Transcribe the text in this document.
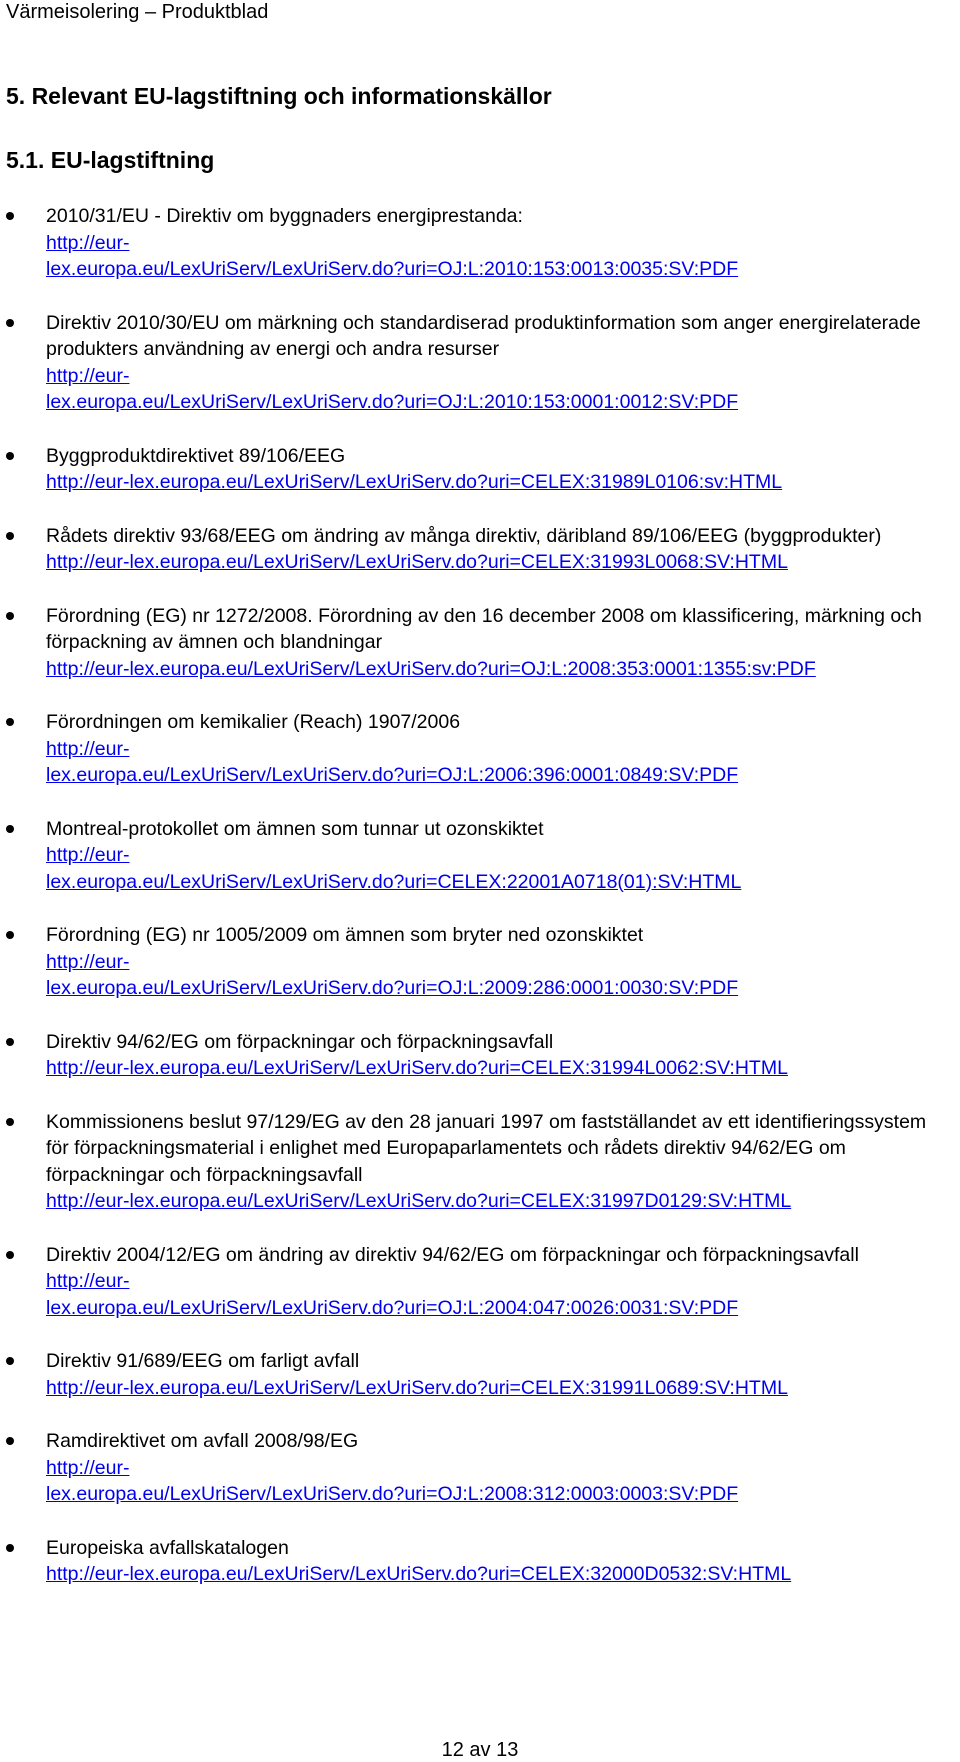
Värmeisolering – Produktblad
5. Relevant EU-lagstiftning och informationskällor
5.1. EU-lagstiftning
2010/31/EU - Direktiv om byggnaders energiprestanda:
http://eur-
lex.europa.eu/LexUriServ/LexUriServ.do?uri=OJ:L:2010:153:0013:0035:SV:PDF
Direktiv 2010/30/EU om märkning och standardiserad produktinformation som anger energirelaterade produkters användning av energi och andra resurser
http://eur-
lex.europa.eu/LexUriServ/LexUriServ.do?uri=OJ:L:2010:153:0001:0012:SV:PDF
Byggproduktdirektivet 89/106/EEG
http://eur-lex.europa.eu/LexUriServ/LexUriServ.do?uri=CELEX:31989L0106:sv:HTML
Rådets direktiv 93/68/EEG om ändring av många direktiv, däribland 89/106/EEG (byggprodukter)
http://eur-lex.europa.eu/LexUriServ/LexUriServ.do?uri=CELEX:31993L0068:SV:HTML
Förordning (EG) nr 1272/2008. Förordning av den 16 december 2008 om klassificering, märkning och förpackning av ämnen och blandningar
http://eur-lex.europa.eu/LexUriServ/LexUriServ.do?uri=OJ:L:2008:353:0001:1355:sv:PDF
Förordningen om kemikalier (Reach) 1907/2006
http://eur-
lex.europa.eu/LexUriServ/LexUriServ.do?uri=OJ:L:2006:396:0001:0849:SV:PDF
Montreal-protokollet om ämnen som tunnar ut ozonskiktet
http://eur-
lex.europa.eu/LexUriServ/LexUriServ.do?uri=CELEX:22001A0718(01):SV:HTML
Förordning (EG) nr 1005/2009 om ämnen som bryter ned ozonskiktet
http://eur-
lex.europa.eu/LexUriServ/LexUriServ.do?uri=OJ:L:2009:286:0001:0030:SV:PDF
Direktiv 94/62/EG om förpackningar och förpackningsavfall
http://eur-lex.europa.eu/LexUriServ/LexUriServ.do?uri=CELEX:31994L0062:SV:HTML
Kommissionens beslut 97/129/EG av den 28 januari 1997 om fastställandet av ett identifieringssystem för förpackningsmaterial i enlighet med Europaparlamentets och rådets direktiv 94/62/EG om förpackningar och förpackningsavfall
http://eur-lex.europa.eu/LexUriServ/LexUriServ.do?uri=CELEX:31997D0129:SV:HTML
Direktiv 2004/12/EG om ändring av direktiv 94/62/EG om förpackningar och förpackningsavfall
http://eur-
lex.europa.eu/LexUriServ/LexUriServ.do?uri=OJ:L:2004:047:0026:0031:SV:PDF
Direktiv 91/689/EEG om farligt avfall
http://eur-lex.europa.eu/LexUriServ/LexUriServ.do?uri=CELEX:31991L0689:SV:HTML
Ramdirektivet om avfall 2008/98/EG
http://eur-
lex.europa.eu/LexUriServ/LexUriServ.do?uri=OJ:L:2008:312:0003:0003:SV:PDF
Europeiska avfallskatalogen
http://eur-lex.europa.eu/LexUriServ/LexUriServ.do?uri=CELEX:32000D0532:SV:HTML
12 av 13
